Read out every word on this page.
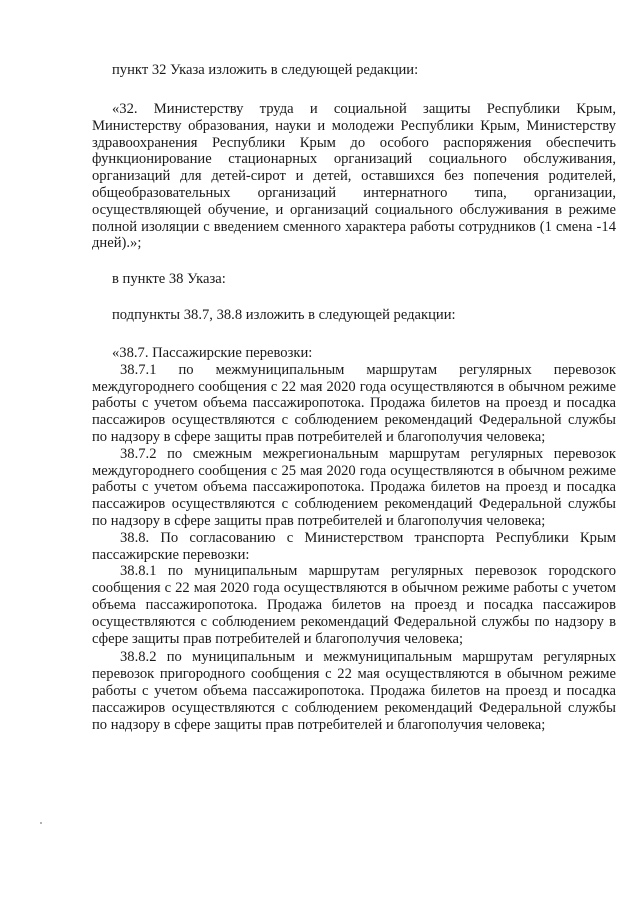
пункт 32 Указа изложить в следующей редакции:

«32. Министерству труда и социальной защиты Республики Крым, Министерству образования, науки и молодежи Республики Крым, Министерству здравоохранения Республики Крым до особого распоряжения обеспечить функционирование стационарных организаций социального обслуживания, организаций для детей-сирот и детей, оставшихся без попечения родителей, общеобразовательных организаций интернатного типа, организации, осуществляющей обучение, и организаций социального обслуживания в режиме полной изоляции с введением сменного характера работы сотрудников (1 смена -14 дней).»;

в пункте 38 Указа:

подпункты 38.7, 38.8 изложить в следующей редакции:

«38.7. Пассажирские перевозки:

38.7.1 по межмуниципальным маршрутам регулярных перевозок междугороднего сообщения с 22 мая 2020 года осуществляются в обычном режиме работы с учетом объема пассажиропотока. Продажа билетов на проезд и посадка пассажиров осуществляются с соблюдением рекомендаций Федеральной службы по надзору в сфере защиты прав потребителей и благополучия человека;

38.7.2 по смежным межрегиональным маршрутам регулярных перевозок междугороднего сообщения с 25 мая 2020 года осуществляются в обычном режиме работы с учетом объема пассажиропотока. Продажа билетов на проезд и посадка пассажиров осуществляются с соблюдением рекомендаций Федеральной службы по надзору в сфере защиты прав потребителей и благополучия человека;

38.8. По согласованию с Министерством транспорта Республики Крым пассажирские перевозки:

38.8.1 по муниципальным маршрутам регулярных перевозок городского сообщения с 22 мая 2020 года осуществляются в обычном режиме работы с учетом объема пассажиропотока. Продажа билетов на проезд и посадка пассажиров осуществляются с соблюдением рекомендаций Федеральной службы по надзору в сфере защиты прав потребителей и благополучия человека;

38.8.2 по муниципальным и межмуниципальным маршрутам регулярных перевозок пригородного сообщения с 22 мая осуществляются в обычном режиме работы с учетом объема пассажиропотока. Продажа билетов на проезд и посадка пассажиров осуществляются с соблюдением рекомендаций Федеральной службы по надзору в сфере защиты прав потребителей и благополучия человека;
